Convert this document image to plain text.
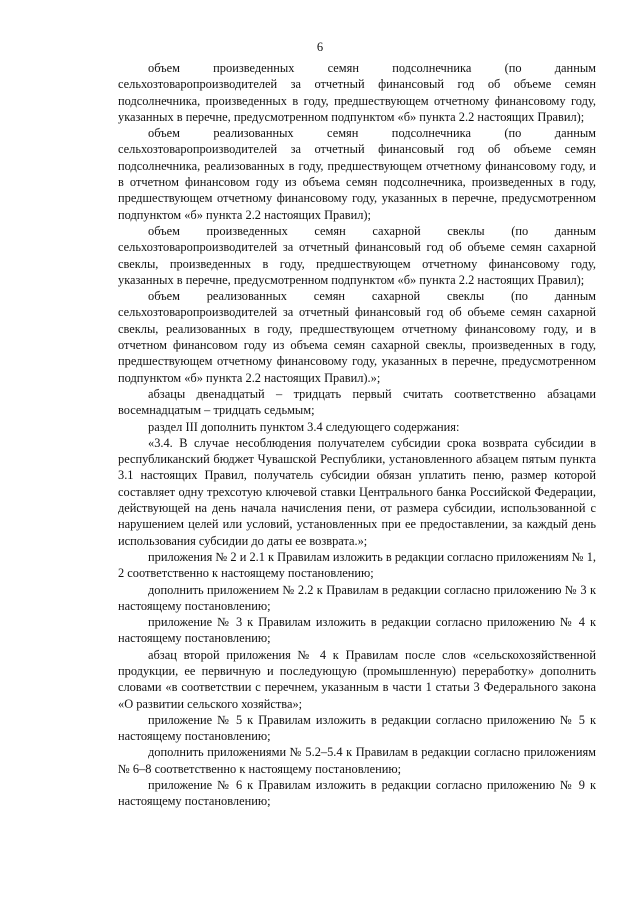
6

объем произведенных семян подсолнечника (по данным сельхозтоваропроизводителей за отчетный финансовый год об объеме семян подсолнечника, произведенных в году, предшествующем отчетному финансовому году, указанных в перечне, предусмотренном подпунктом «б» пункта 2.2 настоящих Правил);

объем реализованных семян подсолнечника (по данным сельхозтоваропроизводителей за отчетный финансовый год об объеме семян подсолнечника, реализованных в году, предшествующем отчетному финансовому году, и в отчетном финансовом году из объема семян подсолнечника, произведенных в году, предшествующем отчетному финансовому году, указанных в перечне, предусмотренном подпунктом «б» пункта 2.2 настоящих Правил);

объем произведенных семян сахарной свеклы (по данным сельхозтоваропроизводителей за отчетный финансовый год об объеме семян сахарной свеклы, произведенных в году, предшествующем отчетному финансовому году, указанных в перечне, предусмотренном подпунктом «б» пункта 2.2 настоящих Правил);

объем реализованных семян сахарной свеклы (по данным сельхозтоваропроизводителей за отчетный финансовый год об объеме семян сахарной свеклы, реализованных в году, предшествующем отчетному финансовому году, и в отчетном финансовом году из объема семян сахарной свеклы, произведенных в году, предшествующем отчетному финансовому году, указанных в перечне, предусмотренном подпунктом «б» пункта 2.2 настоящих Правил).»;

абзацы двенадцатый – тридцать первый считать соответственно абзацами восемнадцатым – тридцать седьмым;

раздел III дополнить пунктом 3.4 следующего содержания:

«3.4. В случае несоблюдения получателем субсидии срока возврата субсидии в республиканский бюджет Чувашской Республики, установленного абзацем пятым пункта 3.1 настоящих Правил, получатель субсидии обязан уплатить пеню, размер которой составляет одну трехсотую ключевой ставки Центрального банка Российской Федерации, действующей на день начала начисления пени, от размера субсидии, использованной с нарушением целей или условий, установленных при ее предоставлении, за каждый день использования субсидии до даты ее возврата.»;

приложения № 2 и 2.1 к Правилам изложить в редакции согласно приложениям № 1, 2 соответственно к настоящему постановлению;

дополнить приложением № 2.2 к Правилам в редакции согласно приложению № 3 к настоящему постановлению;

приложение № 3 к Правилам изложить в редакции согласно приложению № 4 к настоящему постановлению;

абзац второй приложения № 4 к Правилам после слов «сельскохозяйственной продукции, ее первичную и последующую (промышленную) переработку» дополнить словами «в соответствии с перечнем, указанным в части 1 статьи 3 Федерального закона «О развитии сельского хозяйства»;

приложение № 5 к Правилам изложить в редакции согласно приложению № 5 к настоящему постановлению;

дополнить приложениями № 5.2–5.4 к Правилам в редакции согласно приложениям № 6–8 соответственно к настоящему постановлению;

приложение № 6 к Правилам изложить в редакции согласно приложению № 9 к настоящему постановлению;
